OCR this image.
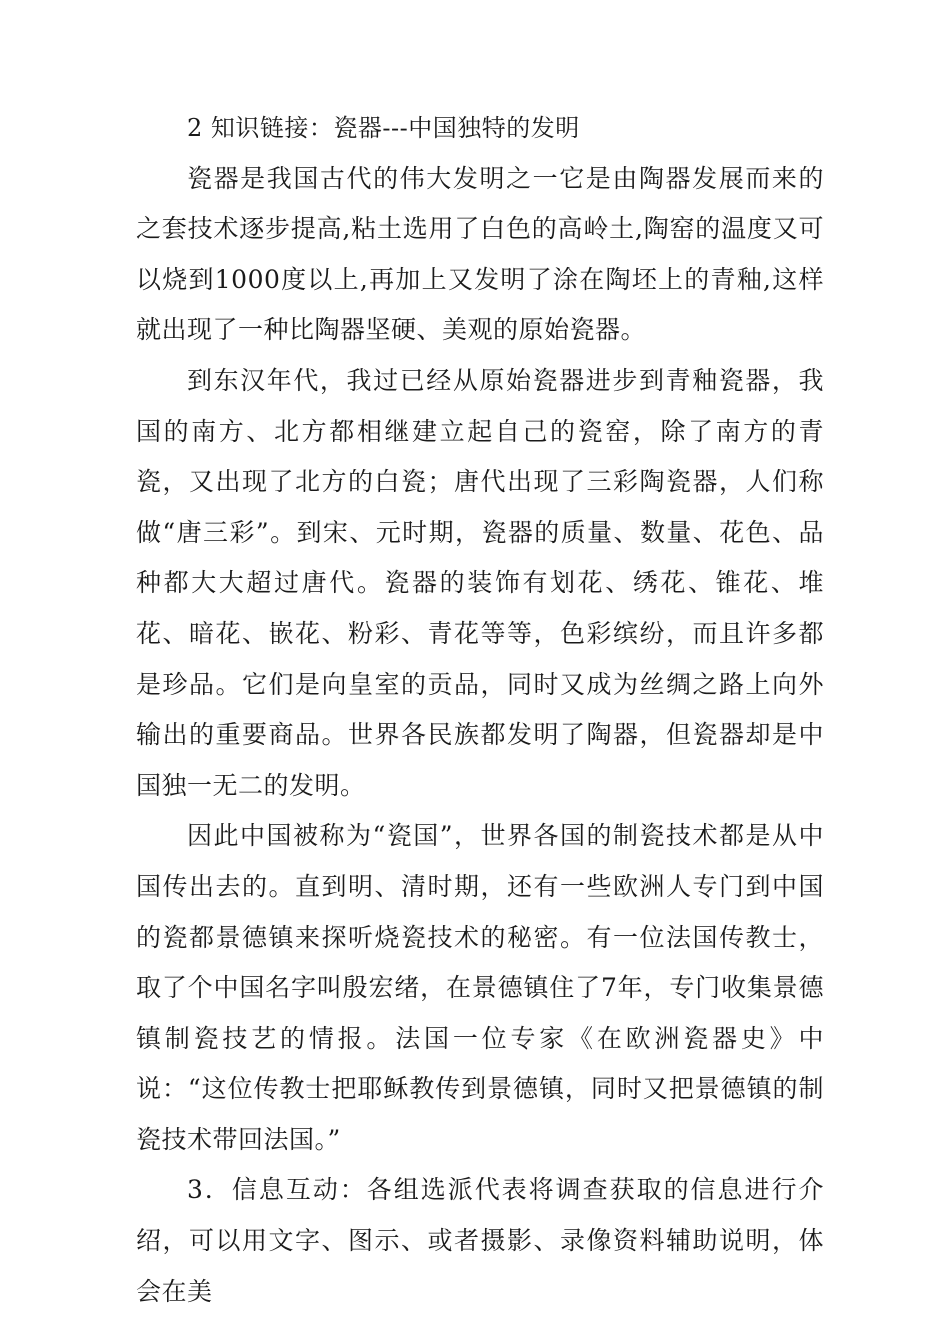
2 知识链接：瓷器---中国独特的发明

瓷器是我国古代的伟大发明之一它是由陶器发展而来的之套技术逐步提高,粘土选用了白色的高岭土,陶窑的温度又可以烧到1000度以上,再加上又发明了涂在陶坯上的青釉,这样就出现了一种比陶器坚硬、美观的原始瓷器。

到东汉年代，我过已经从原始瓷器进步到青釉瓷器，我国的南方、北方都相继建立起自己的瓷窑，除了南方的青瓷，又出现了北方的白瓷；唐代出现了三彩陶瓷器，人们称做“唐三彩”。到宋、元时期，瓷器的质量、数量、花色、品种都大大超过唐代。瓷器的装饰有划花、绣花、锥花、堆花、暗花、嵌花、粉彩、青花等等，色彩缤纷，而且许多都是珍品。它们是向皇室的贡品，同时又成为丝绸之路上向外输出的重要商品。世界各民族都发明了陶器，但瓷器却是中国独一无二的发明。

因此中国被称为“瓷国”，世界各国的制瓷技术都是从中国传出去的。直到明、清时期，还有一些欧洲人专门到中国的瓷都景德镇来探听烧瓷技术的秘密。有一位法国传教士，取了个中国名字叫殷宏绪，在景德镇住了7年，专门收集景德镇制瓷技艺的情报。法国一位专家《在欧洲瓷器史》中说：“这位传教士把耶稣教传到景德镇，同时又把景德镇的制瓷技术带回法国。”

3．信息互动：各组选派代表将调查获取的信息进行介绍，可以用文字、图示、或者摄影、录像资料辅助说明，体会在美
